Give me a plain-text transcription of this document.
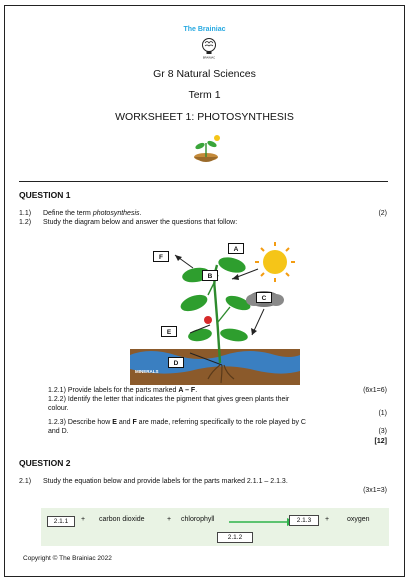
The Brainiac
BRAINIAC
Gr 8 Natural Sciences
Term 1
WORKSHEET 1: PHOTOSYNTHESIS
QUESTION 1
1.1) Define the term photosynthesis.	(2)
1.2) Study the diagram below and answer the questions that follow:
MINERALS
F
A
B
C
E
D
1.2.1) Provide labels for the parts marked A – F.	(6x1=6)
1.2.2) Identify the letter that indicates the pigment that gives green plants their
colour.
(1)
1.2.3) Describe how E and F are made, referring specifically to the role played by C
and D.	(3)
[12]
QUESTION 2
2.1) Study the equation below and provide labels for the parts marked 2.1.1 – 2.1.3.
(3x1=3)
2.1.1	+ carbon dioxide	+ chlorophyll	2.1.3	+	oxygen
2.1.2
Copyright © The Brainiac 2022
